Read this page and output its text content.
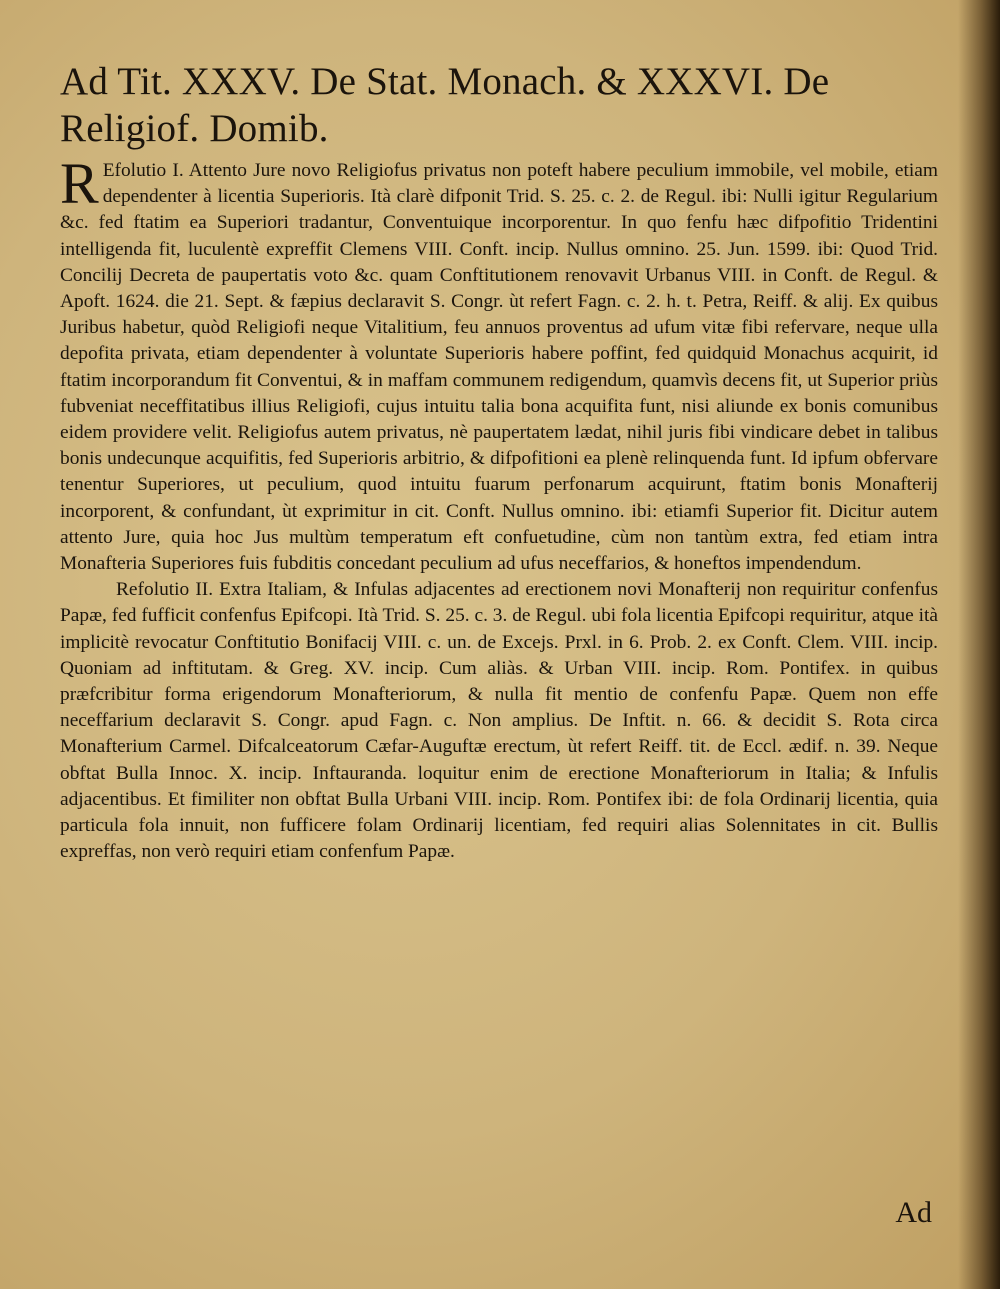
Ad Tit. XXXV. De Stat. Monach. & XXXVI. De Religiof. Domib.

R Efolutio I. Attento Jure novo Religiofus privatus non poteft habere peculium immobile, vel mobile, etiam dependenter à licentia Superioris. Ità clarè difponit Trid. S. 25. c. 2. de Regul. ibi: Nulli igitur Regularium &c. fed ftatim ea Superiori tradantur, Conventuique incorporentur. In quo fenfu hæc difpofitio Tridentini intelligenda fit, luculentè expreffit Clemens VIII. Conft. incip. Nullus omnino. 25. Jun. 1599. ibi: Quod Trid. Concilij Decreta de paupertatis voto &c. quam Conftitutionem renovavit Urbanus VIII. in Conft. de Regul. & Apoft. 1624. die 21. Sept. & fæpius declaravit S. Congr. ùt refert Fagn. c. 2. h. t. Petra, Reiff. & alij. Ex quibus Juribus habetur, quòd Religiofi neque Vitalitium, feu annuos proventus ad ufum vitæ fibi refervare, neque ulla depofita privata, etiam dependenter à voluntate Superioris habere poffint, fed quidquid Monachus acquirit, id ftatim incorporandum fit Conventui, & in maffam communem redigendum, quamvìs decens fit, ut Superior priùs fubveniat neceffitatibus illius Religiofi, cujus intuitu talia bona acquifita funt, nisi aliunde ex bonis comunibus eidem providere velit. Religiofus autem privatus, nè paupertatem lædat, nihil juris fibi vindicare debet in talibus bonis undecunque acquifitis, fed Superioris arbitrio, & difpofitioni ea plenè relinquenda funt. Id ipfum obfervare tenentur Superiores, ut peculium, quod intuitu fuarum perfonarum acquirunt, ftatim bonis Monafterij incorporent, & confundant, ùt exprimitur in cit. Conft. Nullus omnino. ibi: etiamfi Superior fit. Dicitur autem attento Jure, quia hoc Jus multùm temperatum eft confuetudine, cùm non tantùm extra, fed etiam intra Monafteria Superiores fuis fubditis concedant peculium ad ufus neceffarios, & honeftos impendendum.

Refolutio II. Extra Italiam, & Infulas adjacentes ad erectionem novi Monafterij non requiritur confenfus Papæ, fed fufficit confenfus Epifcopi. Ità Trid. S. 25. c. 3. de Regul. ubi fola licentia Epifcopi requiritur, atque ità implicitè revocatur Conftitutio Bonifacij VIII. c. un. de Excejs. Prxl. in 6. Prob. 2. ex Conft. Clem. VIII. incip. Quoniam ad inftitutam. & Greg. XV. incip. Cum aliàs. & Urban VIII. incip. Rom. Pontifex. in quibus præfcribitur forma erigendorum Monafteriorum, & nulla fit mentio de confenfu Papæ. Quem non effe neceffarium declaravit S. Congr. apud Fagn. c. Non amplius. De Inftit. n. 66. & decidit S. Rota circa Monafterium Carmel. Difcalceatorum Cæfar-Auguftæ erectum, ùt refert Reiff. tit. de Eccl. ædif. n. 39. Neque obftat Bulla Innoc. X. incip. Inftauranda. loquitur enim de erectione Monafteriorum in Italia; & Infulis adjacentibus. Et fimiliter non obftat Bulla Urbani VIII. incip. Rom. Pontifex ibi: de fola Ordinarij licentia, quia particula fola innuit, non fufficere folam Ordinarij licentiam, fed requiri alias Solennitates in cit. Bullis expreffas, non verò requiri etiam confenfum Papæ.

Ad
